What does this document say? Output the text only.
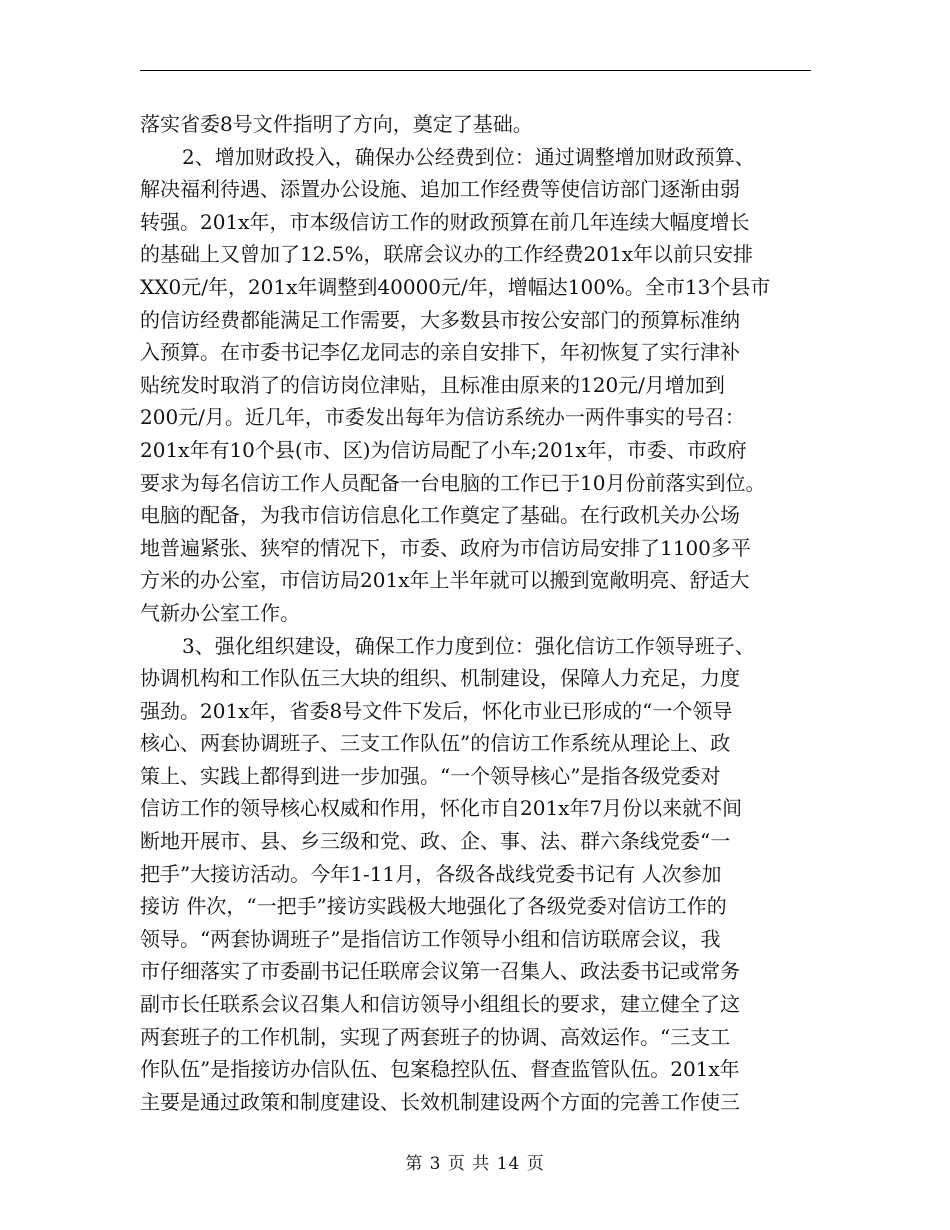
落实省委8号文件指明了方向，奠定了基础。
2、增加财政投入，确保办公经费到位：通过调整增加财政预算、
解决福利待遇、添置办公设施、追加工作经费等使信访部门逐渐由弱
转强。201x年，市本级信访工作的财政预算在前几年连续大幅度增长
的基础上又曾加了12.5%，联席会议办的工作经费201x年以前只安排
XX0元/年，201x年调整到40000元/年，增幅达100%。全市13个县市
的信访经费都能满足工作需要，大多数县市按公安部门的预算标准纳
入预算。在市委书记李亿龙同志的亲自安排下，年初恢复了实行津补
贴统发时取消了的信访岗位津贴，且标准由原来的120元/月增加到
200元/月。近几年，市委发出每年为信访系统办一两件事实的号召：
201x年有10个县(市、区)为信访局配了小车;201x年，市委、市政府
要求为每名信访工作人员配备一台电脑的工作已于10月份前落实到位。
电脑的配备，为我市信访信息化工作奠定了基础。在行政机关办公场
地普遍紧张、狭窄的情况下，市委、政府为市信访局安排了1100多平
方米的办公室，市信访局201x年上半年就可以搬到宽敞明亮、舒适大
气新办公室工作。
3、强化组织建设，确保工作力度到位：强化信访工作领导班子、
协调机构和工作队伍三大块的组织、机制建设，保障人力充足，力度
强劲。201x年，省委8号文件下发后，怀化市业已形成的“一个领导
核心、两套协调班子、三支工作队伍”的信访工作系统从理论上、政
策上、实践上都得到进一步加强。“一个领导核心”是指各级党委对
信访工作的领导核心权威和作用，怀化市自201x年7月份以来就不间
断地开展市、县、乡三级和党、政、企、事、法、群六条线党委“一
把手”大接访活动。今年1-11月，各级各战线党委书记有 人次参加
接访 件次，“一把手”接访实践极大地强化了各级党委对信访工作的
领导。“两套协调班子”是指信访工作领导小组和信访联席会议，我
市仔细落实了市委副书记任联席会议第一召集人、政法委书记或常务
副市长任联系会议召集人和信访领导小组组长的要求，建立健全了这
两套班子的工作机制，实现了两套班子的协调、高效运作。“三支工
作队伍”是指接访办信队伍、包案稳控队伍、督查监管队伍。201x年
主要是通过政策和制度建设、长效机制建设两个方面的完善工作使三
第 3 页 共 14 页
